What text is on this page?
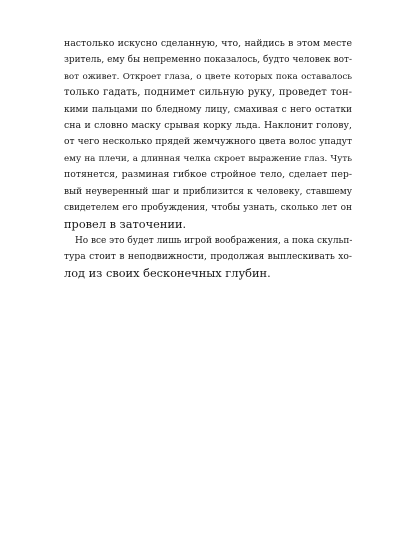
настолько искусно сделанную, что, найдись в этом месте
зритель, ему бы непременно показалось, будто человек вот-
вот оживет. Откроет глаза, о цвете которых пока оставалось
только гадать, поднимет сильную руку, проведет тон-
кими пальцами по бледному лицу, смахивая с него остатки
сна и словно маску срывая корку льда. Наклонит голову,
от чего несколько прядей жемчужного цвета волос упадут
ему на плечи, а длинная челка скроет выражение глаз. Чуть
потянется, разминая гибкое стройное тело, сделает пер-
вый неуверенный шаг и приблизится к человеку, ставшему
свидетелем его пробуждения, чтобы узнать, сколько лет он
провел в заточении.
Но все это будет лишь игрой воображения, а пока скульп-
тура стоит в неподвижности, продолжая выплескивать хо-
лод из своих бесконечных глубин.
